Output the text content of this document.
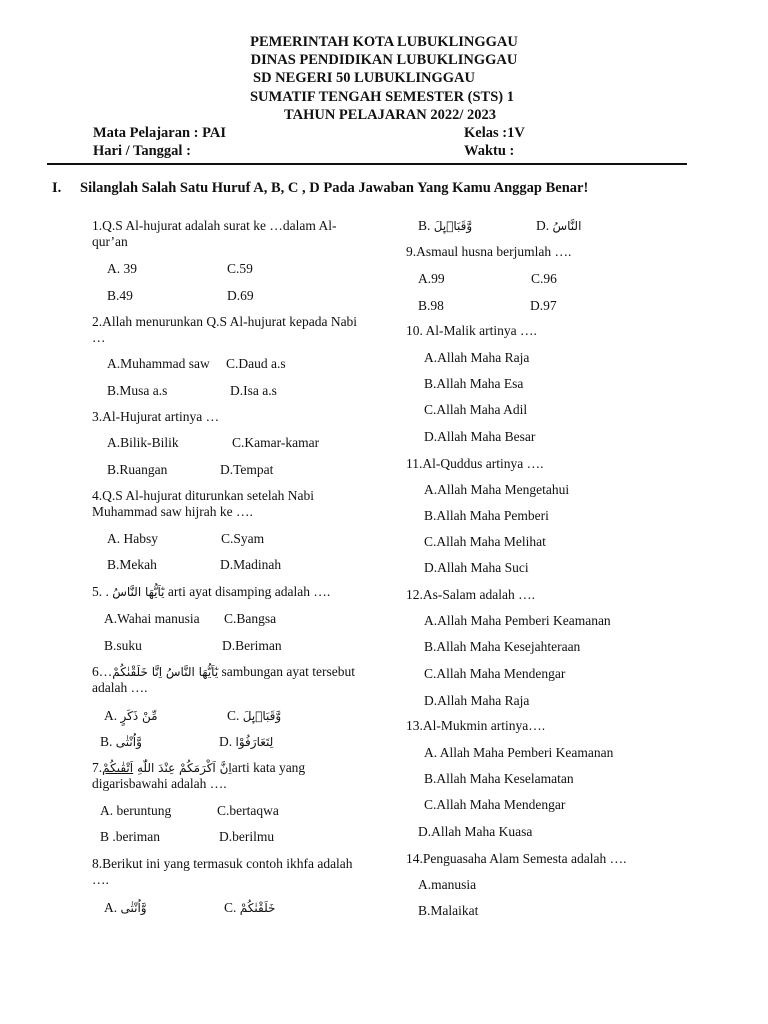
PEMERINTAH KOTA LUBUKLINGGAU
DINAS PENDIDIKAN LUBUKLINGGAU
SD NEGERI 50 LUBUKLINGGAU
SUMATIF TENGAH SEMESTER (STS) 1
TAHUN PELAJARAN 2022/ 2023
Mata Pelajaran : PAI
Hari / Tanggal :
Kelas :1V
Waktu :
I. Silanglah Salah Satu Huruf A, B, C , D Pada Jawaban Yang Kamu Anggap Benar!
1.Q.S Al-hujurat adalah surat ke …dalam Al-qur’an
A. 39	C.59
B.49	D.69
2.Allah menurunkan Q.S Al-hujurat kepada Nabi …
A.Muhammad saw C.Daud a.s
B.Musa a.s	D.Isa a.s
3.Al-Hujurat artinya …
A.Bilik-Bilik	C.Kamar-kamar
B.Ruangan	D.Tempat
4.Q.S Al-hujurat diturunkan setelah Nabi Muhammad saw hijrah ke ….
A. Habsy	C.Syam
B.Mekah	D.Madinah
5. . يٰٓاَيُّهَا النَّاسُ arti ayat disamping adalah ….
A.Wahai manusia C.Bangsa
B.suku	D.Beriman
6…يٰٓاَيُّهَا النَّاسُ اِنَّا خَلَقْنٰكُمْ sambungan ayat tersebut adalah ….
A. مِّنْ ذَكَرٍ	C. وَّقَبَاۤىِٕلَ
B. وَّاُنْثٰى	D. لِتَعَارَفُوْا
7.	اِنَّ اَكْرَمَكُمْ عِنْدَ اللّٰهِ اَتْقٰىكُمْ	arti kata yang digarisbawahi adalah ….
A. beruntung	C.bertaqwa
B .beriman	D.berilmu
8.Berikut ini yang termasuk contoh ikhfa adalah ….
A. وَّاُنْثٰى	C. خَلَقْنٰكُمْ
B. وَّقَبَاۤىِٕلَ	D. النَّاسُ
9.Asmaul husna berjumlah ….
A.99	C.96
B.98	D.97
10. Al-Malik artinya ….
A.Allah Maha Raja
B.Allah Maha Esa
C.Allah Maha Adil
D.Allah Maha Besar
11.Al-Quddus artinya ….
A.Allah Maha Mengetahui
B.Allah Maha Pemberi
C.Allah Maha Melihat
D.Allah Maha Suci
12.As-Salam adalah ….
A.Allah Maha Pemberi Keamanan
B.Allah Maha Kesejahteraan
C.Allah Maha Mendengar
D.Allah Maha Raja
13.Al-Mukmin artinya….
A. Allah Maha Pemberi Keamanan
B.Allah Maha Keselamatan
C.Allah Maha Mendengar
D.Allah Maha Kuasa
14.Penguasaha Alam Semesta adalah ….
A.manusia
B.Malaikat
